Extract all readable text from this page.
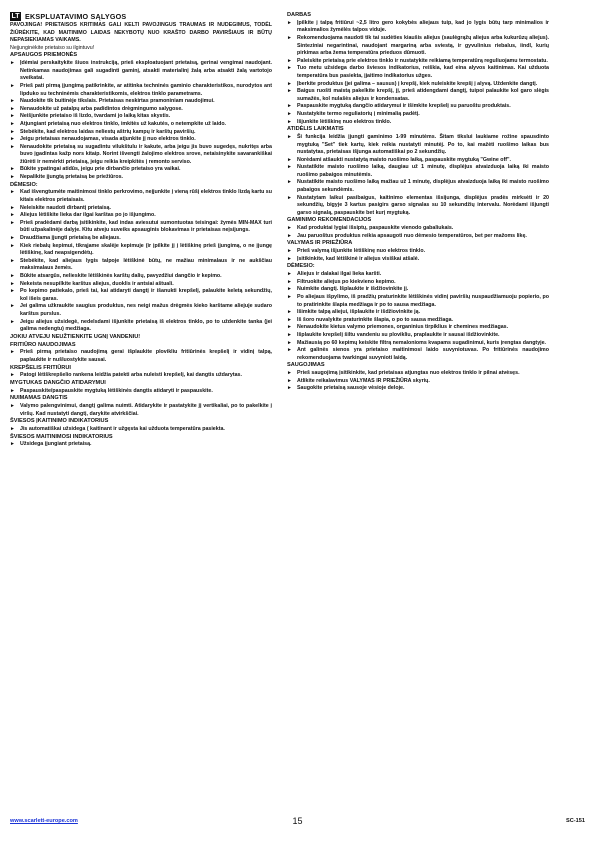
LT EKSPLUATAVIMO SĄLYGOS
PAVOJINGA! PRIETAISOS KRITIMAS GALI KELTI PAVOJINGUS TRAUMAS IR NUDEGIMUS, TODĖL ŽIŪRĖKITE, KAD MAITINIMO LAIDAS NEKYBOTŲ NUO KRAŠTO DARBO PAVIRŠIAUS IR BŪTŲ NEPASIEKIAMAS VAIKAMS.
Neįjunginėkite prietaiso su ilgintuvu!
APSAUGOS PRIEMONĖS
► Įdėmiai perskaitykite šiuos instrukciją, prieš eksploatuojant prietaisą, gerinai vengimai naudojant. Netinkamas naudojimas gali sugadinti gaminį, atsakti materialinį žalą arba atsakti žalą vartotojo sveikatai.
► Prieš pati pirmą įjungimą patikrinkite, ar atitinka techninės gaminio charakteristikos, nurodytos ant lipduko su techninėmis charakteristikomis, elektros tinklo parametrams.
► Naudokite tik buitinėje tikslais. Prietaisas neskirtas pramoniniam naudojimui.
► Nenaudokite už patalpų arba padidintos drėgmingumo salygose.
► Neišjunkite prietaiso iš lizdo, tvardami jo laiką kitas skystis.
► Atjungiant prietaisą nuo elektros tinklo, imkitės už kakutės, o netempkite už laido.
► Stebėkite, kad elektros laidas neliestų aštrių kampų ir karštų paviršių.
► Jeigu prietaisas nenaudojamas, visada atjunkite jį nuo elektros tinklo.
► Nenaudokite prietaisą su sugadintu vilukštulu ir kakute, arba jeigu jis buvo sugedęs, nukritęs arba buvo įgadintas kažp nors kitaip. Norint išvengti žalojimo elektros srove, netaisinykite savarankiškai žiūrėti ir nemėrkti prietaisą, jeigu reikia kreipkitės į remonto serviso.
► Būkite ypatingai atidūs, jeigu prie dirbančio prietaiso yra vaikai.
► Nepalikite įjungtą prietaisą be priežiūros.
DĖMESIO:
► Kad išvengtumėte maitinimosi tinklo perkrovimo, neįjunkite į vieną rūšį elektros tinklo lizdą kartu su kitais elektros prietaisais.
► Neleiskite naudoti dirbantį prietaisą.
► Aliejus lėtiškite lieka dar ilgai karštas po jo išjungimo.
► Prieš pradėdami darbą įsitikinkite, kad indas aviesutui sumontuotas teisingai: žymės MIN-MAX turi būti užpakalinėje dalyje. Kitu atveju suveiks apsauginis blokavimas ir prietaisas neįsijungs.
► Draudžiama įjungti prietaisą be aliejaus.
► Kiek riebalų kepimui, tikrąjame skalėje kepimuje (ir įpilkite jį į lėtiškinę prieš įjungimą, o ne įjungę lėtiškinę, kad neapsigendėtų.
► Stebėkite, kad aliejaus lygis talpoje lėtiškinė būtų, ne mažiau minimalaus ir ne aukščiau maksimalaus žemės.
► Būkite atsargūs, nelieskite lėtiškinės karštų dalių, pavyzdžiui dangčio ir kepimo.
► Nekeista nesupilkite karštus aliejus, duoklis ir antsiai aštuali.
► Po kepimo patiekalo, prieš tai, kai atidaryti dangtį ir išanukti krepšelį, palaukite keletą sekundžių, kol išeis garas.
► Jei galima užkraukite saugius produktus, nes neigi mažus drėgmės kieko karštame aliejuje sudaro karštus purslus.
► Jeigu aliejus užsidegė, nedelsdami išjunkite prietaisą iš elektros tinklo, po to uždenkite tanka (jei galima nedengtu) medžiaga.
JOKIU ATVEJU NEUŽTIENKITE UGNĮ VANDENIU!
FRITIŪRO NAUDOJIMAS
► Prieš pirmą prietaiso naudojimą gerai išplaukite plovikliu fritiūrinės krepšelį ir vidinį talpą, paplaukite ir nušluostykite sausai.
KREPŠELIS FRITIŪRUI
► Patogi lėtiškrepšelio rankena leidžia patekti arba nuleisti krepšelį, kai dangtis uždarytas.
MYGTUKAS DANGČIO ATIDARYMUI
► Paspauskite/paspauskite mygtuką lėtiškinės dangtis atidaryti ir paspauskite.
NUIMAMAS DANGTIS
► Valymo palengvinimui, dangtį galima nuimti. Atidarykite ir pastatykite jį vertikaliai, po to pakelkite į viršų. Kad nustatyti dangtį, darykite atvirkščiai.
ŠVIESOS ĮKAITINIMO INDIKATORIUS
► Jis automatiškai užsidega ( kaitinant ir užgęsta kai užduota temperatūra pasiekta.
ŠVIESOS MAITINIMOSI INDIKATORIUS
► Užsidega įjungiant prietaisą.
DARBAS
► Įpilkite į talpą fritiūrui ~2,5 litro gero kokybės aliejaus tuip, kad jo lygis būtų tarp minimalios ir maksimalios žymėlės talpos viduje.
► Rekomenduojama naudoti tik tai sudėties kiaušis aliejus (saulėgrąžų aliejus arba kukurūzų aliejus). Sinteziniai negarintinai, naudojant margariną arba sviestą, ir gyvulinius riebalus, iindl, kurių pirkimas arba žema temperatūra prieduos dūmuoti.
► Paleiskite prietaisą prie elektros tinklo ir nustatykite reikiamą temperatūrą reguliuojamu termostatu.
► Tuo metu užsidega darbo šviesos indikatorius, reiškia, kad eina alyvos kaitinimas. Kai užduota temperatūra bus pasiekta, įjaitimo indikatorius užges.
► Įberkite produktus (jei galima – sausus) į krepšį, kiek nuleiskite krepšį į alyvą. Uždenkite dangtį.
► Baigus ruošti maistą pakelkite krepšį, jį, prieš atidengdami dangtį, tuipoi palaukite kol garo slėgis sumažės, kol nulašės aliejus ir kondensatas.
► Paspauskite mygtuką dangčio atidarymui ir išimkite krepšelį su paruoštu produktais.
► Nustatykite termo reguliatorių į minimalią padėtį.
► Išjunkite lėtiškinę nuo elektros tinklo.
ATIDĖLIS LAIKMATIS
► Ši funkcija leidžia įjungti gaminimo 1-99 minutėms. Šitam tikslui laukiame rožine spausdinto mygtuką "Set" tiek kartų, kiek reikia nustatyti minutėj. Po to, kai mažėti ruošimo laikas bus nustatytas, prietaisas išjunga automatiškai po 2 sekundžių.
► Norėdami atšaukti nustatytą maisto ruošimo laiką, paspauskite mygtuką "Gwine off".
► Nustatikite maisto ruošimo laiką, daugiau už 1 minutę, displėjus atvaizduoja laiką iki maisto ruošimo pabaigos minutėmis.
► Nustatikite maisto ruošimo laiką mažiau už 1 minutę, displėjus atvaizduoja laiką iki maisto ruošimo pabaigos sekundėmis.
► Nustatytam laikui pasibaigus, kaitinimo elementas išsijunga, displėjus pradės mirksėti ir 20 sekundžių, bigyje 3 kartus pasigirs garso signalas su 10 sekundžių intervalu. Norėdami išjungti garso signalą, paspauskite bet kurį mygtuką.
GAMINIMO REKOMENDACIJOS
► Kad produktai lygiai išsiptų, paspauskite vienodo gabaliukais.
► Jau paruoštus produktus reikia apsaugoti nuo dėmesio temperatūros, bet per mažoms likę.
VALYMAS IR PRIEŽIŪRA
► Prieš valymą išjunkite lėtiškinę nuo elektros tinklo.
► Įsitikinkite, kad lėtiškinė ir aliejus visiškai atšalė.
DĖMESIO:
► Aliejus ir dalakai ilgai lieka karšti.
► Filtruokite aliejus po kiekvieno kepimo.
► Nuimkite dangtį. Išplaukite ir išdžiovinkite jį.
► Po aliejaus išpylimo, iš pradžių praturinkite lėtiškinės vidinį paviršių nuspaudžiamuoju popierio, po to pratirinkite šlapia medžiaga ir po to sausa medžiaga.
► Išimkite talpą aliejui, išplaukite ir išdžiovinkite ją.
► Iš šoro nuvalykite praturinkite šlapia, o po to sausa medžiaga.
► Nenaudokite kietus valymo priemones, organinius tirpiklius ir chemines medžiagas.
► Išplaukite krepšelį šiltu vandeniu su plovikliu, praplaukite ir sausai išdžiovinkite.
► Mažiausią po 60 kepimų keiskite filtrą nemalonioms kvapams sugadinimui, kuris įrengtas dangtyje.
► Ant galinės sienos yra prietaiso maitinimosi laido suvyniotuvas. Po fritiūrinės naudojimo rekomenduojama tvarkingai suvynioti laidą.
SAUGOJIMAS
► Prieš saugojimą įsitikinkite, kad prietaisas atjungtas nuo elektros tinklo ir pilnai atvėsęs.
► Atlikite reikalavimus VALYMAS IR PRIEŽIŪRA skyrių.
► Saugokite prietaisą sausoje vėsioje deloje.
www.scarlett-europe.com	15	SC-151
